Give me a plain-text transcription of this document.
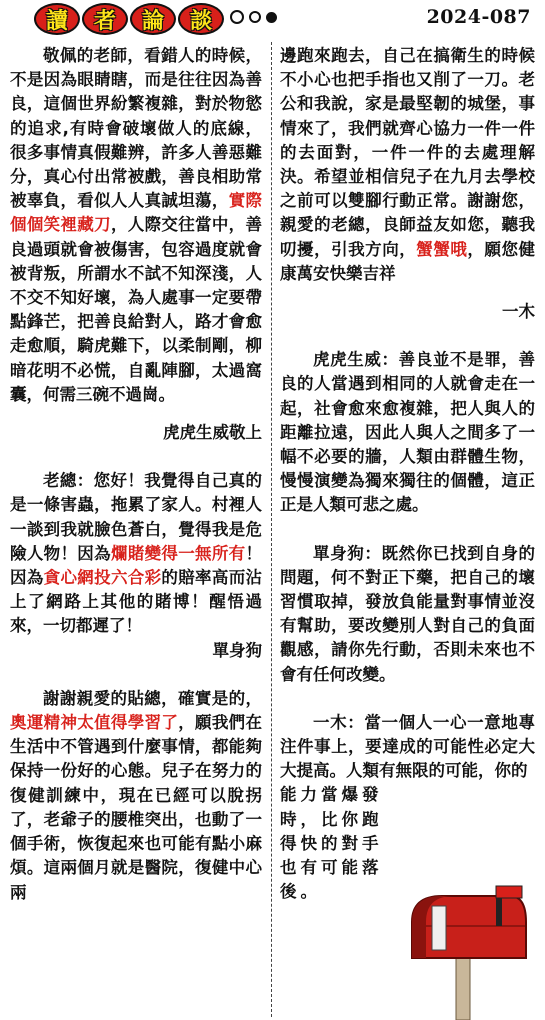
讀	者	論	談	2024-087

敬佩的老師，看錯人的時候，不是因為眼睛瞎，而是往往因為善良，這個世界紛繁複雜，對於物慾的追求,有時會破壞做人的底線，很多事情真假難辨，許多人善惡難分，真心付出常被戲，善良相助常被辜負，看似人人真誠坦蕩，實際個個笑裡藏刀，人際交往當中，善良過頭就會被傷害，包容過度就會被背叛，所謂水不試不知深淺，人不交不知好壞，為人處事一定要帶點鋒芒，把善良給對人，路才會愈走愈順，騎虎難下，以柔制剛，柳暗花明不必慌，自亂陣腳，太過窩囊，何需三碗不過崗。

虎虎生威敬上

老總：您好！我覺得自己真的是一條害蟲，拖累了家人。村裡人一談到我就臉色蒼白，覺得我是危險人物！因為爛賭變得一無所有！因為貪心網投六合彩的賠率高而沾上了網路上其他的賭博！醒悟過來，一切都遲了！

單身狗

謝謝親愛的貼總，確實是的，奧運精神太值得學習了，願我們在生活中不管遇到什麼事情，都能夠保持一份好的心態。兒子在努力的復健訓練中，現在已經可以脫拐了，老爺子的腰椎突出，也動了一個手術，恢復起來也可能有點小麻煩。這兩個月就是醫院，復健中心兩

邊跑來跑去，自己在搞衛生的時候不小心也把手指也又削了一刀。老公和我說，家是最堅韌的城堡，事情來了，我們就齊心協力一件一件的去面對，一件一件的去處理解決。希望並相信兒子在九月去學校之前可以雙腳行動正常。謝謝您，親愛的老總，良師益友如您，聽我叨擾，引我方向，蟹蟹哦，願您健康萬安快樂吉祥

一木

虎虎生威：善良並不是罪，善良的人當遇到相同的人就會走在一起，社會愈來愈複雜，把人與人的距離拉遠，因此人與人之間多了一幅不必要的牆，人類由群體生物，慢慢演變為獨來獨往的個體，這正正是人類可悲之處。

單身狗：既然你已找到自身的問題，何不對正下藥，把自己的壞習慣取掉，發放負能量對事情並沒有幫助，要改變別人對自己的負面觀感，請你先行動，否則未來也不會有任何改變。

一木：當一個人一心一意地專注件事上，要達成的可能性必定大大提高。人類有無限的可能，你的
能力當爆發
時，比你跑
得快的對手
也有可能落
後。
